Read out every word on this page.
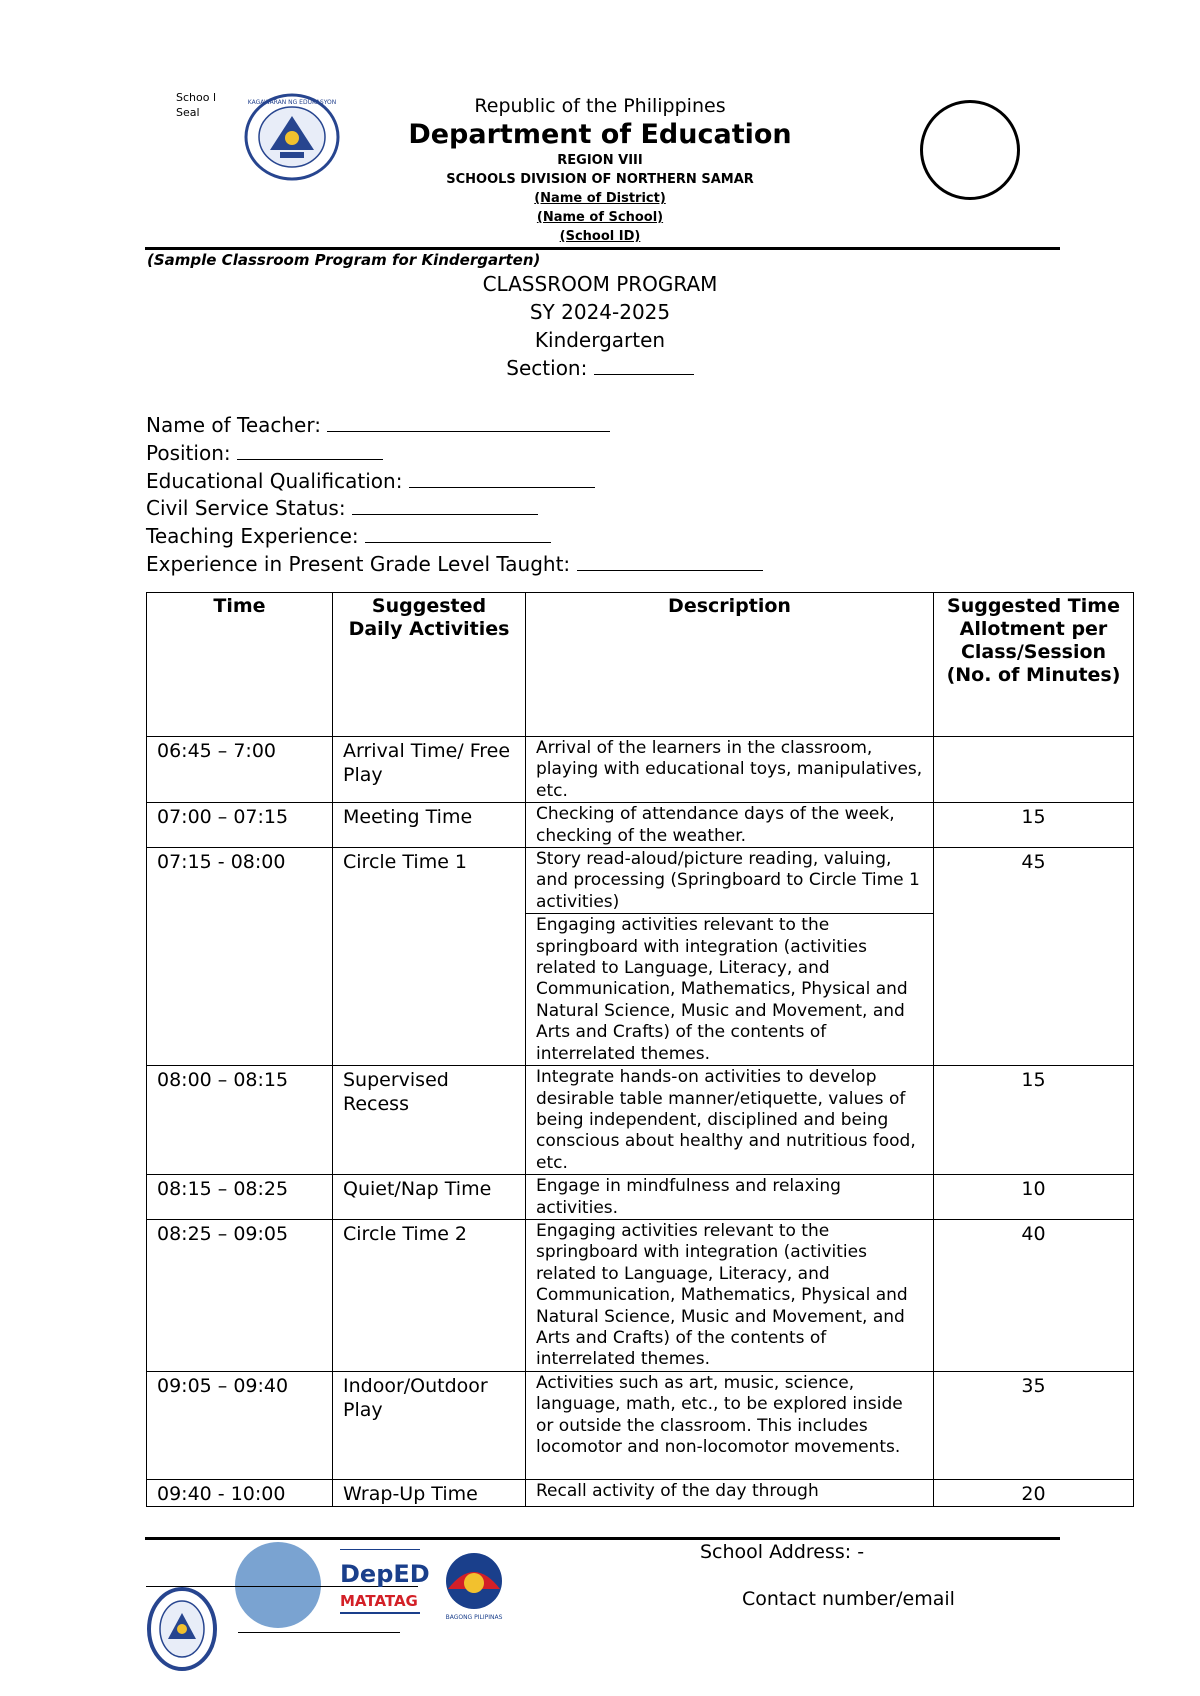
Schoo l Seal
KAGAWARAN NG EDUKASYON	Republic of the Philippines
Department of Education
REGION VIII
SCHOOLS DIVISION OF NORTHERN SAMAR
(Name of District)
(Name of School)
(School ID)
(Sample Classroom Program for Kindergarten)
CLASSROOM PROGRAM
SY 2024-2025
Kindergarten
Section:
Name of Teacher:
Position:
Educational Qualification:
Civil Service Status:
Teaching Experience:
Experience in Present Grade Level Taught:
Time	Suggested Daily Activities	Description	Suggested Time Allotment per Class/Session (No. of Minutes)
06:45 – 7:00	Arrival Time/ Free Play	Arrival of the learners in the classroom, playing with educational toys, manipulatives, etc.	
07:00 – 07:15	Meeting Time	Checking of attendance days of the week, checking of the weather.	15
07:15 - 08:00	Circle Time 1	Story read-aloud/picture reading, valuing, and processing (Springboard to Circle Time 1 activities)	45
		Engaging activities relevant to the springboard with integration (activities related to Language, Literacy, and Communication, Mathematics, Physical and Natural Science, Music and Movement, and Arts and Crafts) of the contents of interrelated themes.	
08:00 – 08:15	Supervised Recess	Integrate hands-on activities to develop desirable table manner/etiquette, values of being independent, disciplined and being conscious about healthy and nutritious food, etc.	15
08:15 – 08:25	Quiet/Nap Time	Engage in mindfulness and relaxing activities.	10
08:25 – 09:05	Circle Time 2	Engaging activities relevant to the springboard with integration (activities related to Language, Literacy, and Communication, Mathematics, Physical and Natural Science, Music and Movement, and Arts and Crafts) of the contents of interrelated themes.	40
09:05 – 09:40	Indoor/Outdoor Play	Activities such as art, music, science, language, math, etc., to be explored inside or outside the classroom. This includes locomotor and non-locomotor movements.	35
09:40 - 10:00	Wrap-Up Time	Recall activity of the day through	20
School Address: -
Contact number/email
DepED
MATATAG
BAGONG PILIPINAS
